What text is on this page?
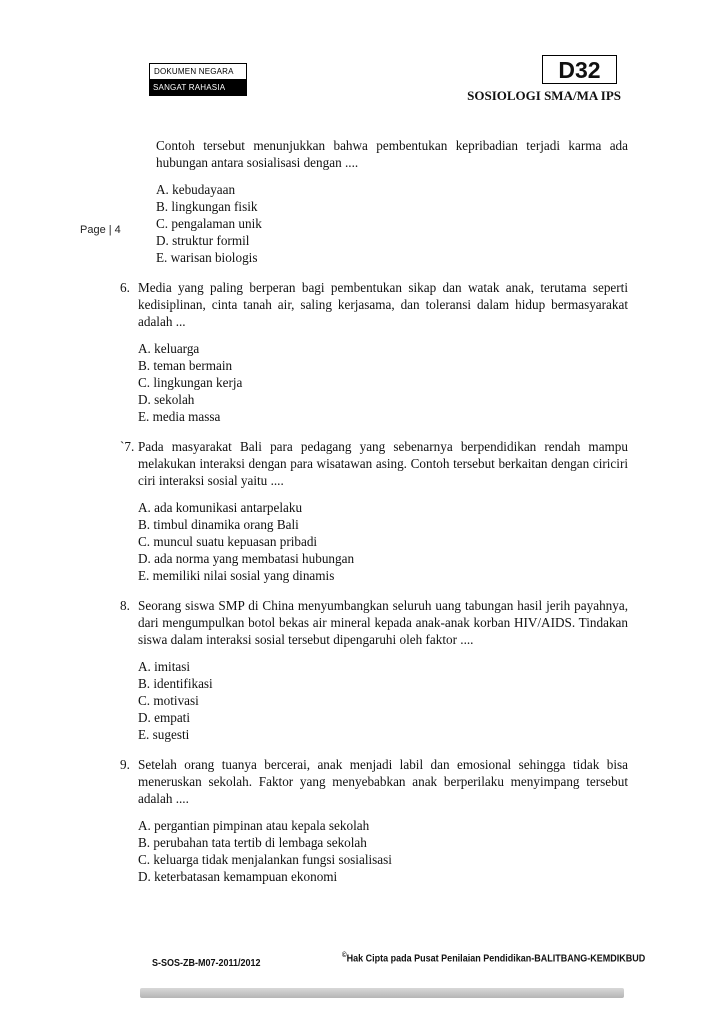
DOKUMEN NEGARA
SANGAT RAHASIA
D32
SOSIOLOGI SMA/MA IPS
Page | 4
Contoh tersebut menunjukkan bahwa pembentukan kepribadian terjadi karma ada hubungan antara sosialisasi dengan ....
A. kebudayaan
B. lingkungan fisik
C. pengalaman unik
D. struktur formil
E. warisan biologis
6. Media yang paling berperan bagi pembentukan sikap dan watak anak, terutama seperti kedisiplinan, cinta tanah air, saling kerjasama, dan toleransi dalam hidup bermasyarakat adalah ...
A. keluarga
B. teman bermain
C. lingkungan kerja
D. sekolah
E. media massa
`7. Pada masyarakat Bali para pedagang yang sebenarnya berpendidikan rendah mampu melakukan interaksi dengan para wisatawan asing. Contoh tersebut berkaitan dengan ciriciri ciri interaksi sosial yaitu ....
A. ada komunikasi antarpelaku
B. timbul dinamika orang Bali
C. muncul suatu kepuasan pribadi
D. ada norma yang membatasi hubungan
E. memiliki nilai sosial yang dinamis
8. Seorang siswa SMP di China menyumbangkan seluruh uang tabungan hasil jerih payahnya, dari mengumpulkan botol bekas air mineral kepada anak-anak korban HIV/AIDS. Tindakan siswa dalam interaksi sosial tersebut dipengaruhi oleh faktor ....
A. imitasi
B. identifikasi
C. motivasi
D. empati
E. sugesti
9. Setelah orang tuanya bercerai, anak menjadi labil dan emosional sehingga tidak bisa meneruskan sekolah. Faktor yang menyebabkan anak berperilaku menyimpang tersebut adalah ....
A. pergantian pimpinan atau kepala sekolah
B. perubahan tata tertib di lembaga sekolah
C. keluarga tidak menjalankan fungsi sosialisasi
D. keterbatasan kemampuan ekonomi
S-SOS-ZB-M07-2011/2012
©Hak Cipta pada Pusat Penilaian Pendidikan-BALITBANG-KEMDIKBUD
